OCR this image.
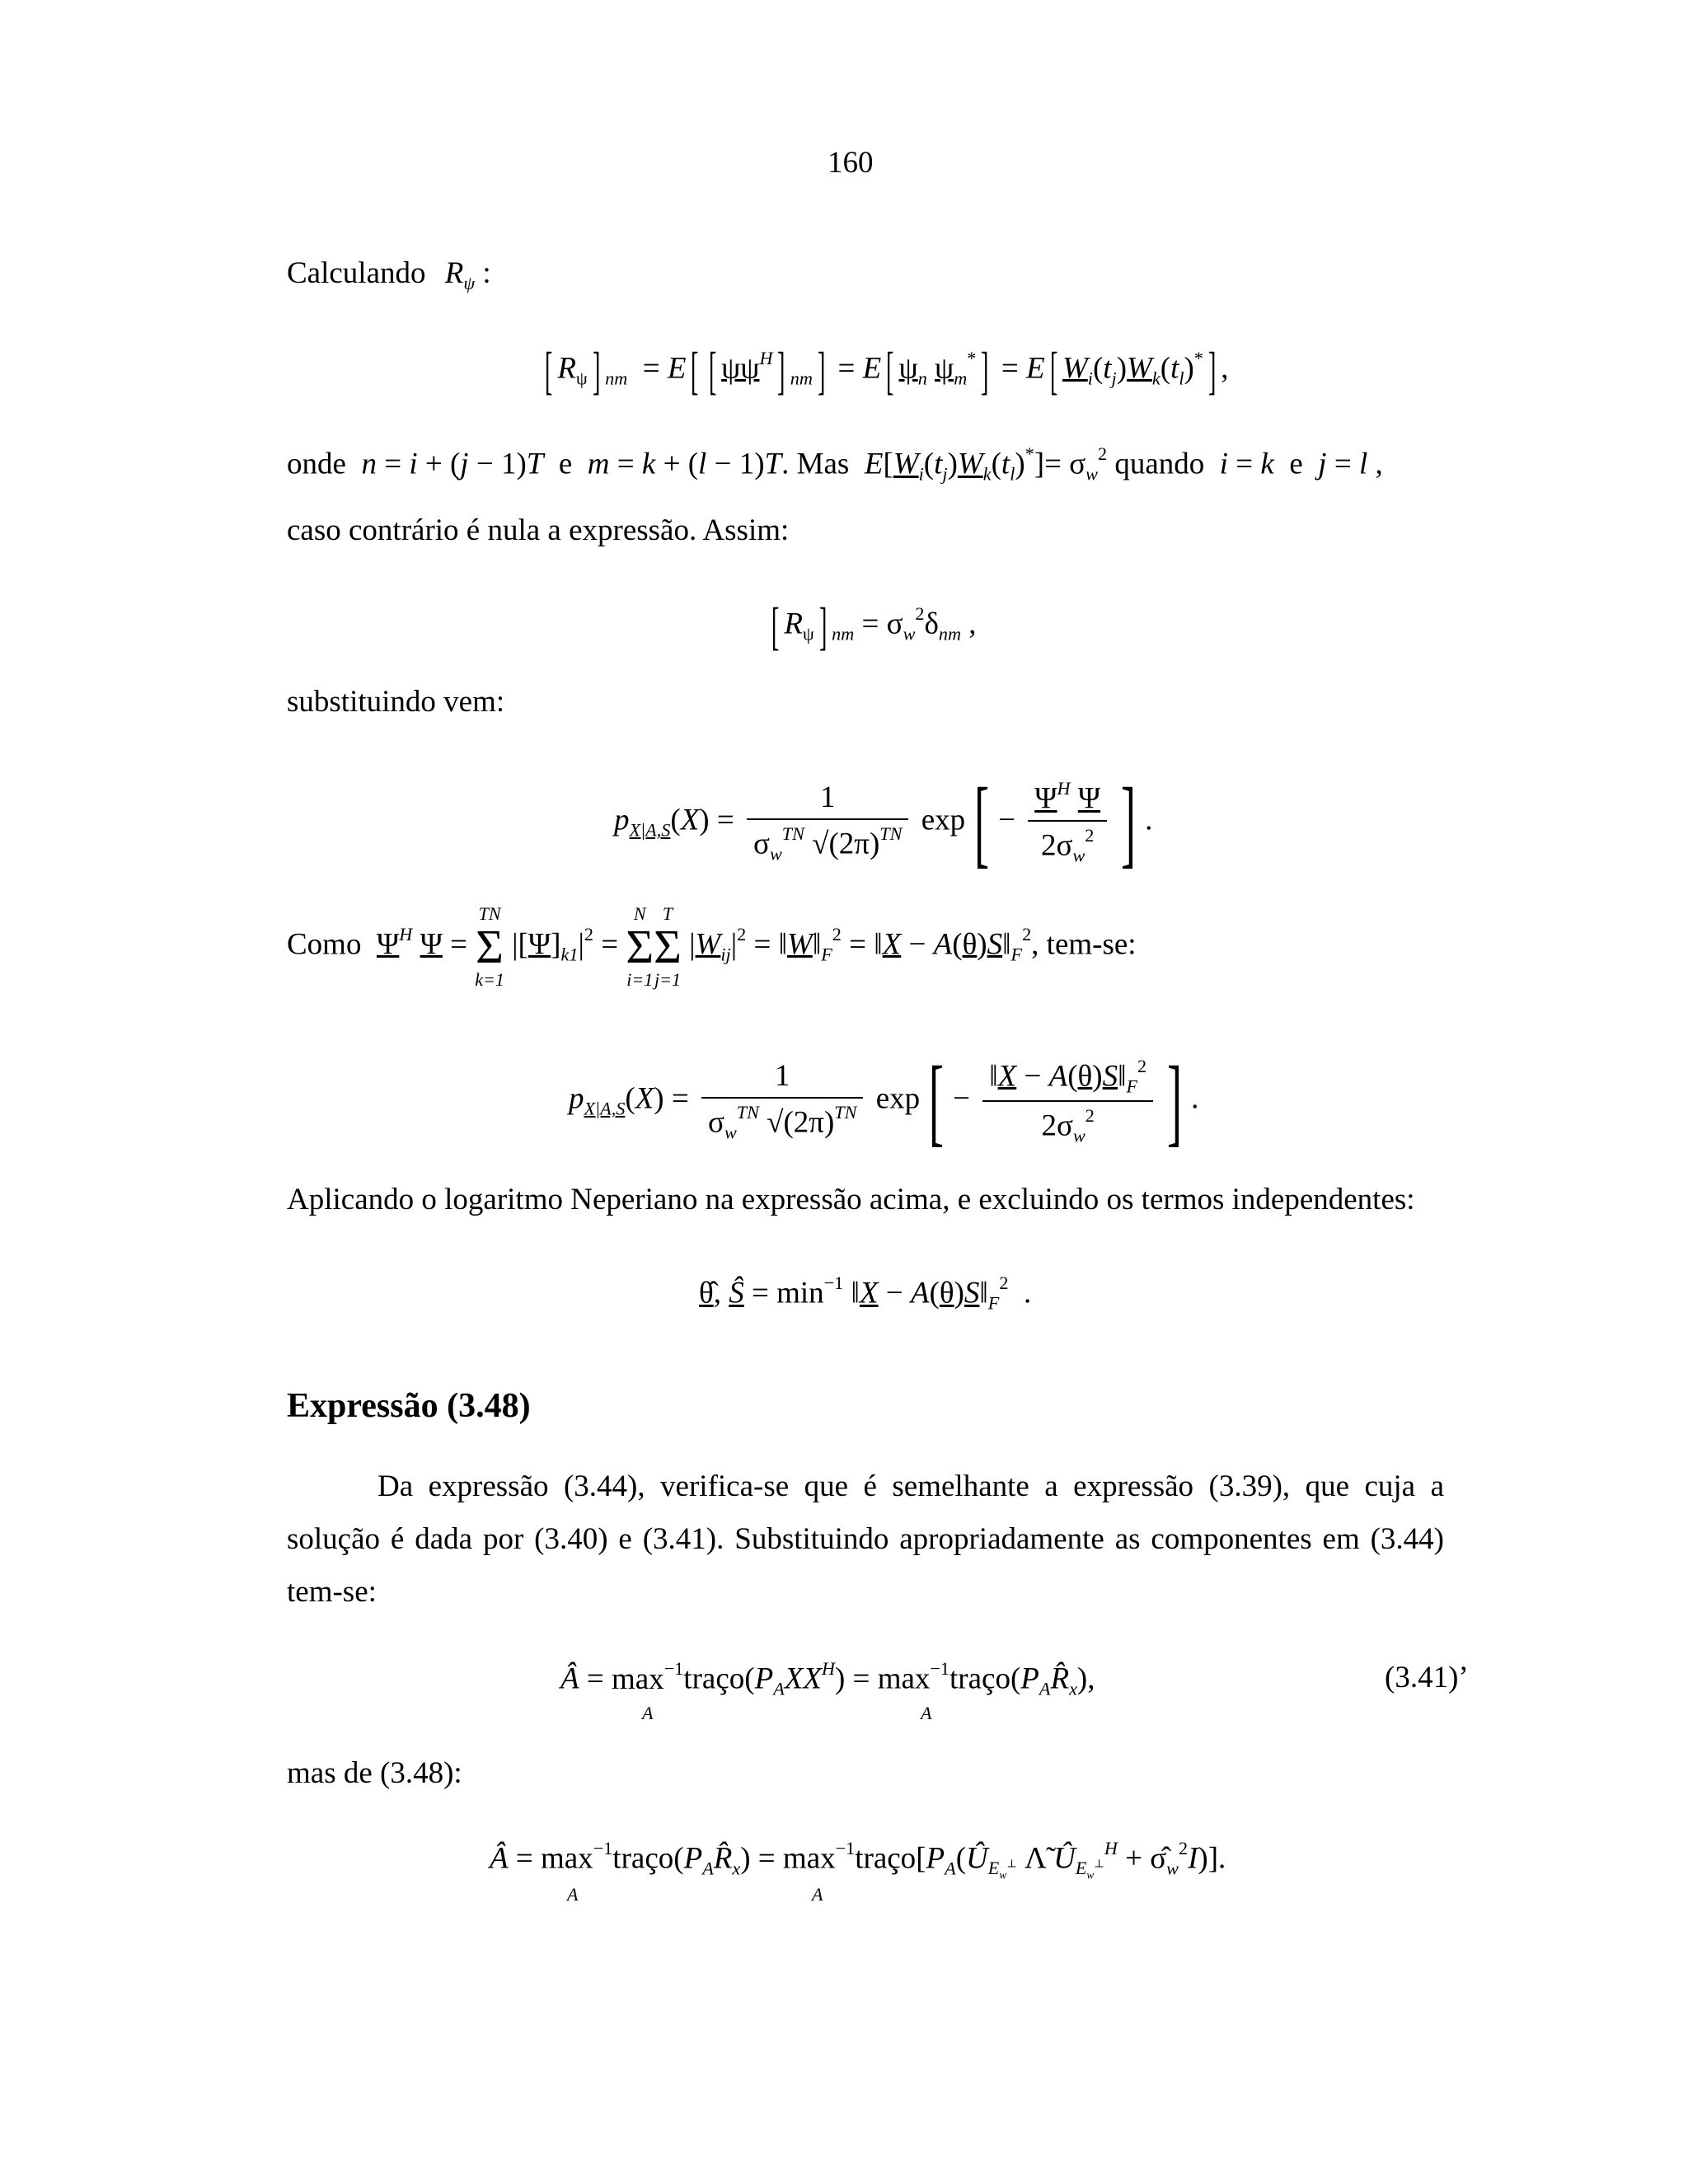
160
Calculando $R_\psi$ :
[ $R_\psi$] $_{nm}$  = E[ [ $\psi\psi^H$] $_{nm}$] = E[ $\psi_n$ $\psi_m^*] = E$[ $W_i(t_j)W_k(t_l)^*$] ,
onde n = i + (j − 1)T e m = k + (l − 1)T. Mas $E[W_i(t_j)W_k(t_l)^*]= \sigma_w^2$ quando i = k e j = l ,
caso contrário é nula a expressão. Assim:
[ $R_\psi$] $_{nm} = \sigma_w^2\delta_{nm}$ ,
substituindo vem:
$p_{X|A,S}(X) = \frac{1}{\sigma_w^{TN} √(2\pi)^{TN}} \exp[ - \frac{\Psi^H \Psi}{2\sigma_w^2}$ ] .
Como $\Psi^H$ Ψ =
TN
Σ
k=1
$|[\Psi]_{k1}|^2$ =
N
Σ
i=1
T
Σ
j=1
$|W_{ij}|^2$ = $‖W‖_F^2$ = ‖X − $A(\theta)S‖_F^2$, tem-se:
$p_{X|A,S}(X) = \frac{1}{\sigma_w^{TN} √(2\pi)^{TN}} \exp[ - \frac{‖X - A(\theta)S‖_F^2}{2\sigma_w^2}$ ] .
Aplicando o logaritmo Neperiano na expressão acima, e excluindo os termos independentes:
θ̂, Ŝ = $\min^{-1}$ ‖X − $A(\theta)S‖_F^2$  .
Expressão (3.48)
Da expressão (3.44), verifica-se que é semelhante a expressão (3.39), que cuja a solução é dada por (3.40) e (3.41). Substituindo apropriadamente as componentes em (3.44) tem-se:
Â = $\max^{-1}traço(P_AXX^H)$ = $\max^{-1}traço(P_AR̂_x)$,
A	A
(3.41)’
mas de (3.48):
Â = $\max^{-1}traço(P_AR̂_x)$ = $\max^{-1}traço[P_A(Û_{E_w^\perp}$ Λ̃ $Û_{E_w^\perp}^H$ + $\sigmâ_w^2I$)].
A	A
